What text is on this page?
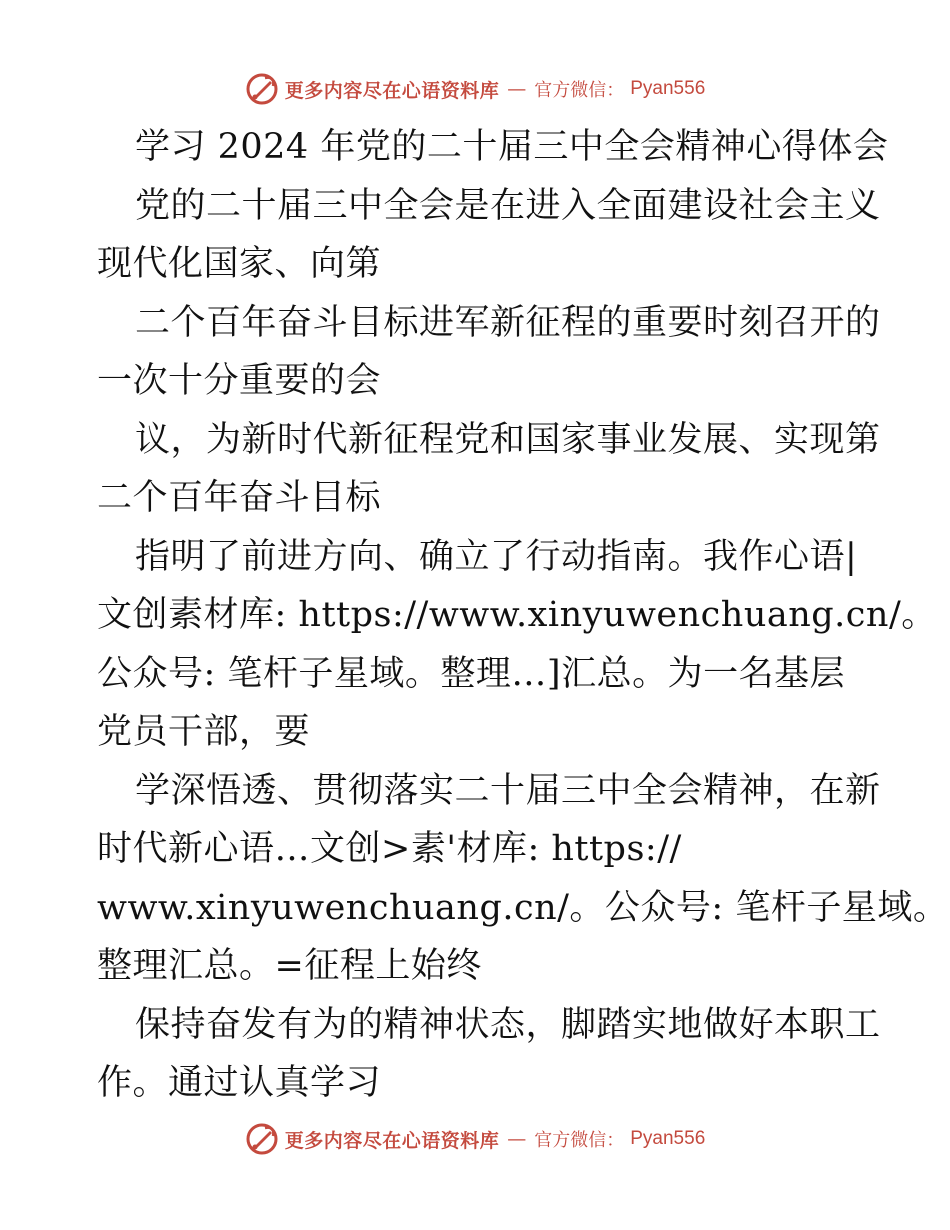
更多内容尽在心语资料库 — 官方微信： Pyan556
学习 2024 年党的二十届三中全会精神心得体会
党的二十届三中全会是在进入全面建设社会主义
现代化国家、向第
二个百年奋斗目标进军新征程的重要时刻召开的
一次十分重要的会
议，为新时代新征程党和国家事业发展、实现第
二个百年奋斗目标
指明了前进方向、确立了行动指南。我作心语|
文创素材库: https://www.xinyuwenchuang.cn/。
公众号: 笔杆子星域。整理…]汇总。为一名基层
党员干部，要
学深悟透、贯彻落实二十届三中全会精神，在新
时代新心语…文创>素'材库: https://
www.xinyuwenchuang.cn/。公众号: 笔杆子星域。
整理汇总。=征程上始终
保持奋发有为的精神状态，脚踏实地做好本职工
作。通过认真学习
更多内容尽在心语资料库 — 官方微信： Pyan556
